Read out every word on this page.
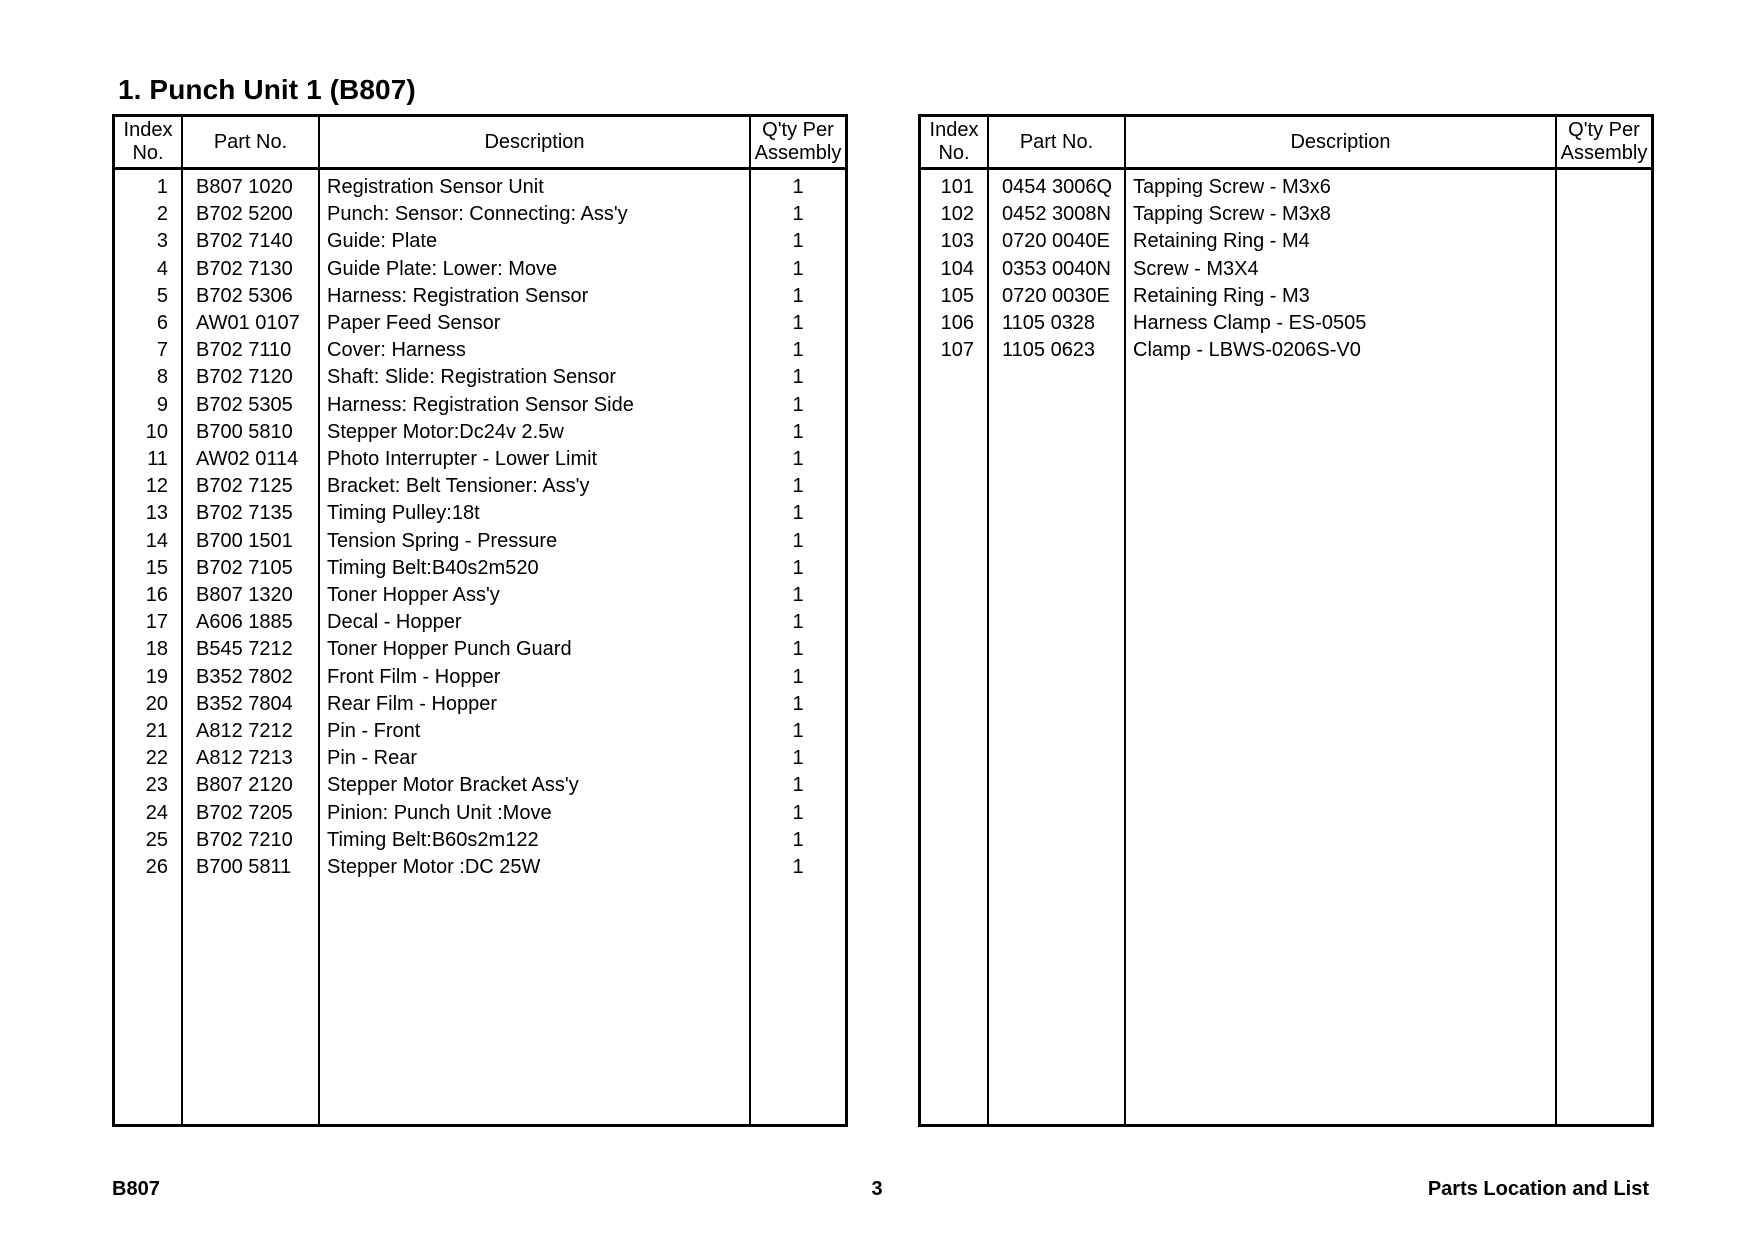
1. Punch Unit 1 (B807)
Index
No.
Part No.	Description
Q'ty Per
Assembly
1 B807 1020	Registration Sensor Unit	1
2 B702 5200	Punch: Sensor: Connecting: Ass'y	1
3 B702 7140	Guide: Plate	1
4 B702 7130	Guide Plate: Lower: Move	1
5 B702 5306	Harness: Registration Sensor	1
6 AW01 0107	Paper Feed Sensor	1
7 B702 7110	Cover: Harness	1
8 B702 7120	Shaft: Slide: Registration Sensor	1
9 B702 5305	Harness: Registration Sensor Side	1
10 B700 5810	Stepper Motor:Dc24v 2.5w	1
11 AW02 0114	Photo Interrupter - Lower Limit	1
12 B702 7125	Bracket: Belt Tensioner: Ass'y	1
13 B702 7135	Timing Pulley:18t	1
14 B700 1501	Tension Spring - Pressure	1
15 B702 7105	Timing Belt:B40s2m520	1
16 B807 1320	Toner Hopper Ass'y	1
17 A606 1885	Decal - Hopper	1
18 B545 7212	Toner Hopper Punch Guard	1
19 B352 7802	Front Film - Hopper	1
20 B352 7804	Rear Film - Hopper	1
21 A812 7212	Pin - Front	1
22 A812 7213	Pin - Rear	1
23 B807 2120	Stepper Motor Bracket Ass'y	1
24 B702 7205	Pinion: Punch Unit :Move	1
25 B702 7210	Timing Belt:B60s2m122	1
26 B700 5811	Stepper Motor :DC 25W	1
Index
No.
Part No.	Description
Q'ty Per
Assembly
101 0454 3006Q	Tapping Screw - M3x6
102 0452 3008N	Tapping Screw - M3x8
103 0720 0040E	Retaining Ring - M4
104 0353 0040N	Screw - M3X4
105 0720 0030E	Retaining Ring - M3
106 1105 0328	Harness Clamp - ES-0505
107 1105 0623	Clamp - LBWS-0206S-V0
B807	3	Parts Location and List
